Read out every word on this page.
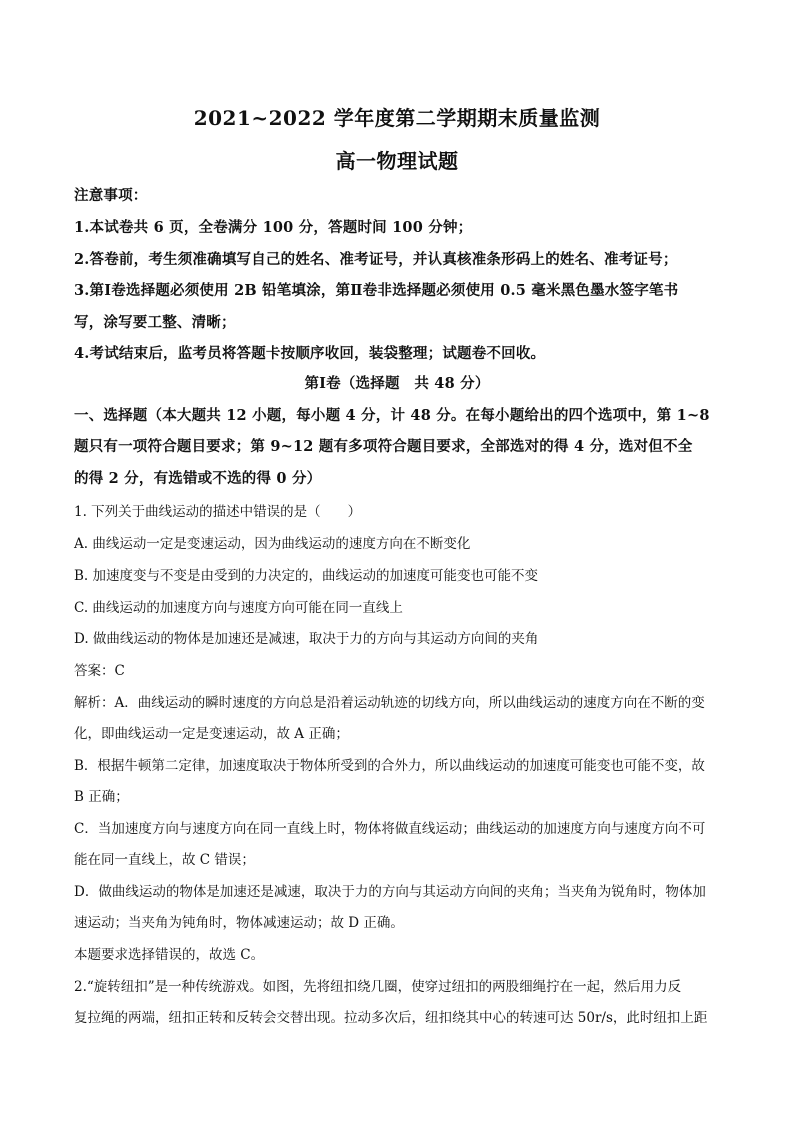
2021~2022 学年度第二学期期末质量监测
高一物理试题
注意事项：
1.本试卷共 6 页，全卷满分 100 分，答题时间 100 分钟；
2.答卷前，考生须准确填写自己的姓名、准考证号，并认真核准条形码上的姓名、准考证号；
3.第Ⅰ卷选择题必须使用 2B 铅笔填涂，第Ⅱ卷非选择题必须使用 0.5 毫米黑色墨水签字笔书
写，涂写要工整、清晰；
4.考试结束后，监考员将答题卡按顺序收回，装袋整理；试题卷不回收。
第Ⅰ卷（选择题　共 48 分）
一、选择题（本大题共 12 小题，每小题 4 分，计 48 分。在每小题给出的四个选项中，第 1~8
题只有一项符合题目要求；第 9~12 题有多项符合题目要求，全部选对的得 4 分，选对但不全
的得 2 分，有选错或不选的得 0 分）
1. 下列关于曲线运动的描述中错误的是（　　）
A. 曲线运动一定是变速运动，因为曲线运动的速度方向在不断变化
B. 加速度变与不变是由受到的力决定的，曲线运动的加速度可能变也可能不变
C. 曲线运动的加速度方向与速度方向可能在同一直线上
D. 做曲线运动的物体是加速还是减速，取决于力的方向与其运动方向间的夹角
答案：C
解析：A．曲线运动的瞬时速度的方向总是沿着运动轨迹的切线方向，所以曲线运动的速度方向在不断的变
化，即曲线运动一定是变速运动，故 A 正确；
B．根据牛顿第二定律，加速度取决于物体所受到的合外力，所以曲线运动的加速度可能变也可能不变，故
B 正确；
C．当加速度方向与速度方向在同一直线上时，物体将做直线运动；曲线运动的加速度方向与速度方向不可
能在同一直线上，故 C 错误；
D．做曲线运动的物体是加速还是减速，取决于力的方向与其运动方向间的夹角；当夹角为锐角时，物体加
速运动；当夹角为钝角时，物体减速运动；故 D 正确。
本题要求选择错误的，故选 C。
2.“旋转纽扣”是一种传统游戏。如图，先将纽扣绕几圈，使穿过纽扣的两股细绳拧在一起，然后用力反
复拉绳的两端，纽扣正转和反转会交替出现。拉动多次后，纽扣绕其中心的转速可达 50r/s，此时纽扣上距
